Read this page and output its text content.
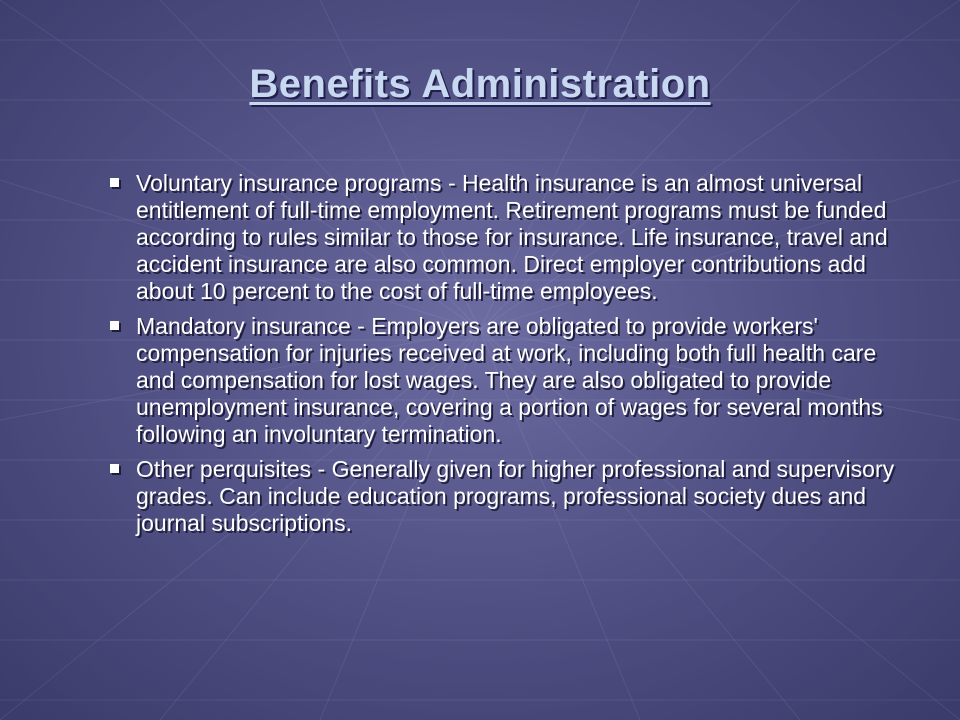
Benefits Administration
Voluntary insurance programs - Health insurance is an almost universal entitlement of full-time employment. Retirement programs must be funded according to rules similar to those for insurance. Life insurance, travel and accident insurance are also common. Direct employer contributions add about 10 percent to the cost of full-time employees.
Mandatory insurance - Employers are obligated to provide workers' compensation for injuries received at work, including both full health care and compensation for lost wages. They are also obligated to provide unemployment insurance, covering a portion of wages for several months following an involuntary termination.
Other perquisites - Generally given for higher professional and supervisory grades. Can include education programs, professional society dues and journal subscriptions.
